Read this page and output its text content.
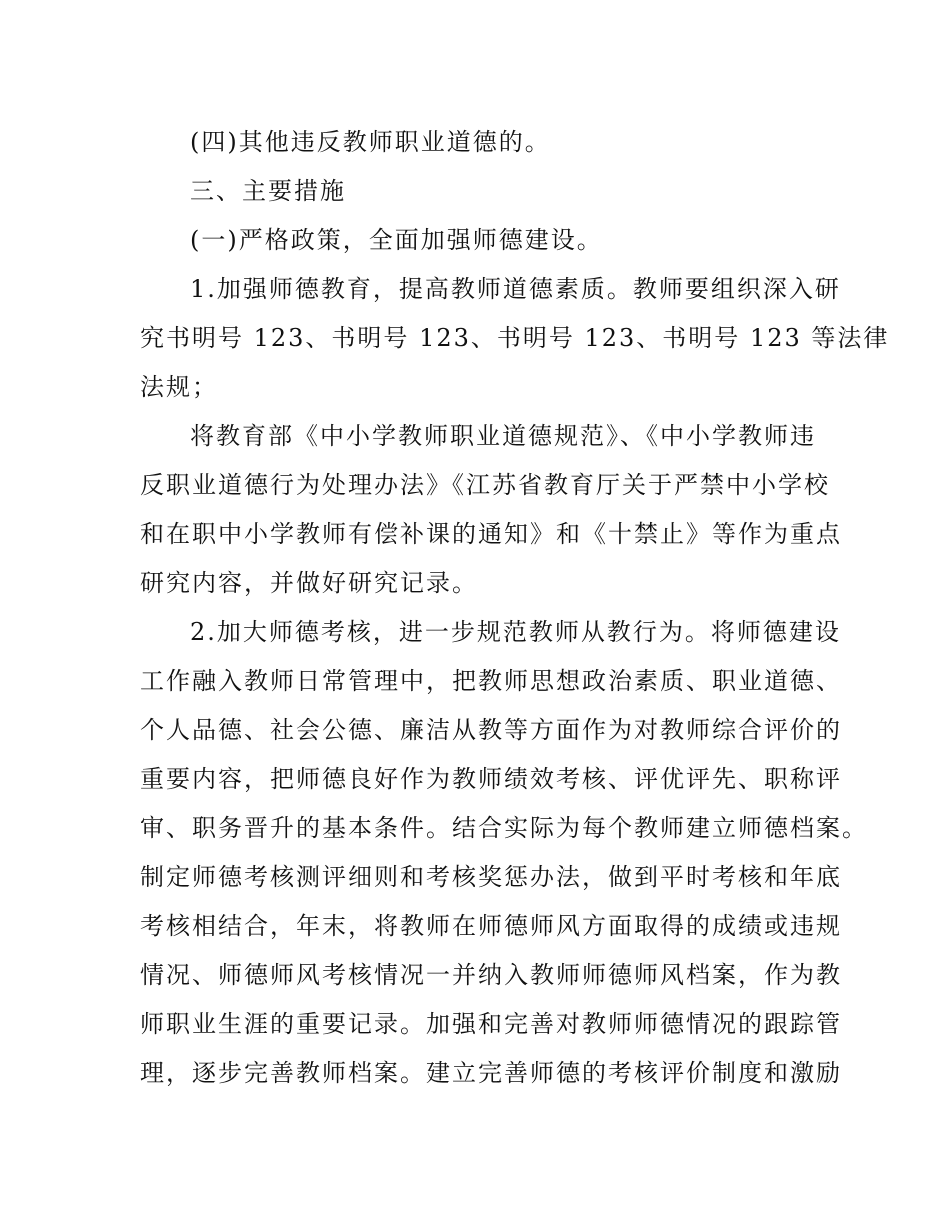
(四)其他违反教师职业道德的。
三、主要措施
(一)严格政策，全面加强师德建设。
1.加强师德教育，提高教师道德素质。教师要组织深入研
究书明号 123、书明号 123、书明号 123、书明号 123 等法律
法规；
将教育部《中小学教师职业道德规范》、《中小学教师违
反职业道德行为处理办法》《江苏省教育厅关于严禁中小学校
和在职中小学教师有偿补课的通知》和《十禁止》等作为重点
研究内容，并做好研究记录。
2.加大师德考核，进一步规范教师从教行为。将师德建设
工作融入教师日常管理中，把教师思想政治素质、职业道德、
个人品德、社会公德、廉洁从教等方面作为对教师综合评价的
重要内容，把师德良好作为教师绩效考核、评优评先、职称评
审、职务晋升的基本条件。结合实际为每个教师建立师德档案。
制定师德考核测评细则和考核奖惩办法，做到平时考核和年底
考核相结合，年末，将教师在师德师风方面取得的成绩或违规
情况、师德师风考核情况一并纳入教师师德师风档案，作为教
师职业生涯的重要记录。加强和完善对教师师德情况的跟踪管
理，逐步完善教师档案。建立完善师德的考核评价制度和激励
